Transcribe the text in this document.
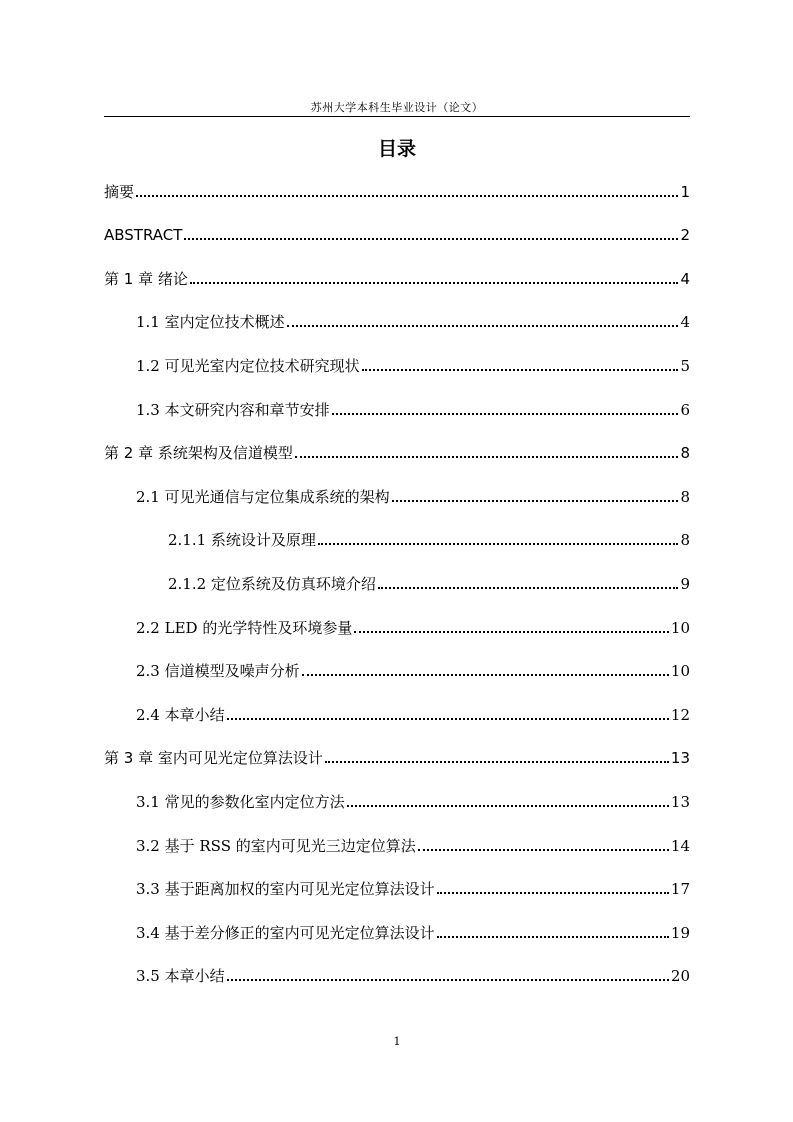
苏州大学本科生毕业设计（论文）
目录
摘要	1
ABSTRACT	2
第 1 章 绪论	4
1.1 室内定位技术概述	4
1.2 可见光室内定位技术研究现状	5
1.3 本文研究内容和章节安排	6
第 2 章 系统架构及信道模型	8
2.1 可见光通信与定位集成系统的架构	8
2.1.1 系统设计及原理	8
2.1.2 定位系统及仿真环境介绍	9
2.2 LED 的光学特性及环境参量	10
2.3 信道模型及噪声分析	10
2.4 本章小结	12
第 3 章 室内可见光定位算法设计	13
3.1 常见的参数化室内定位方法	13
3.2 基于 RSS 的室内可见光三边定位算法	14
3.3 基于距离加权的室内可见光定位算法设计	17
3.4 基于差分修正的室内可见光定位算法设计	19
3.5 本章小结	20
1
